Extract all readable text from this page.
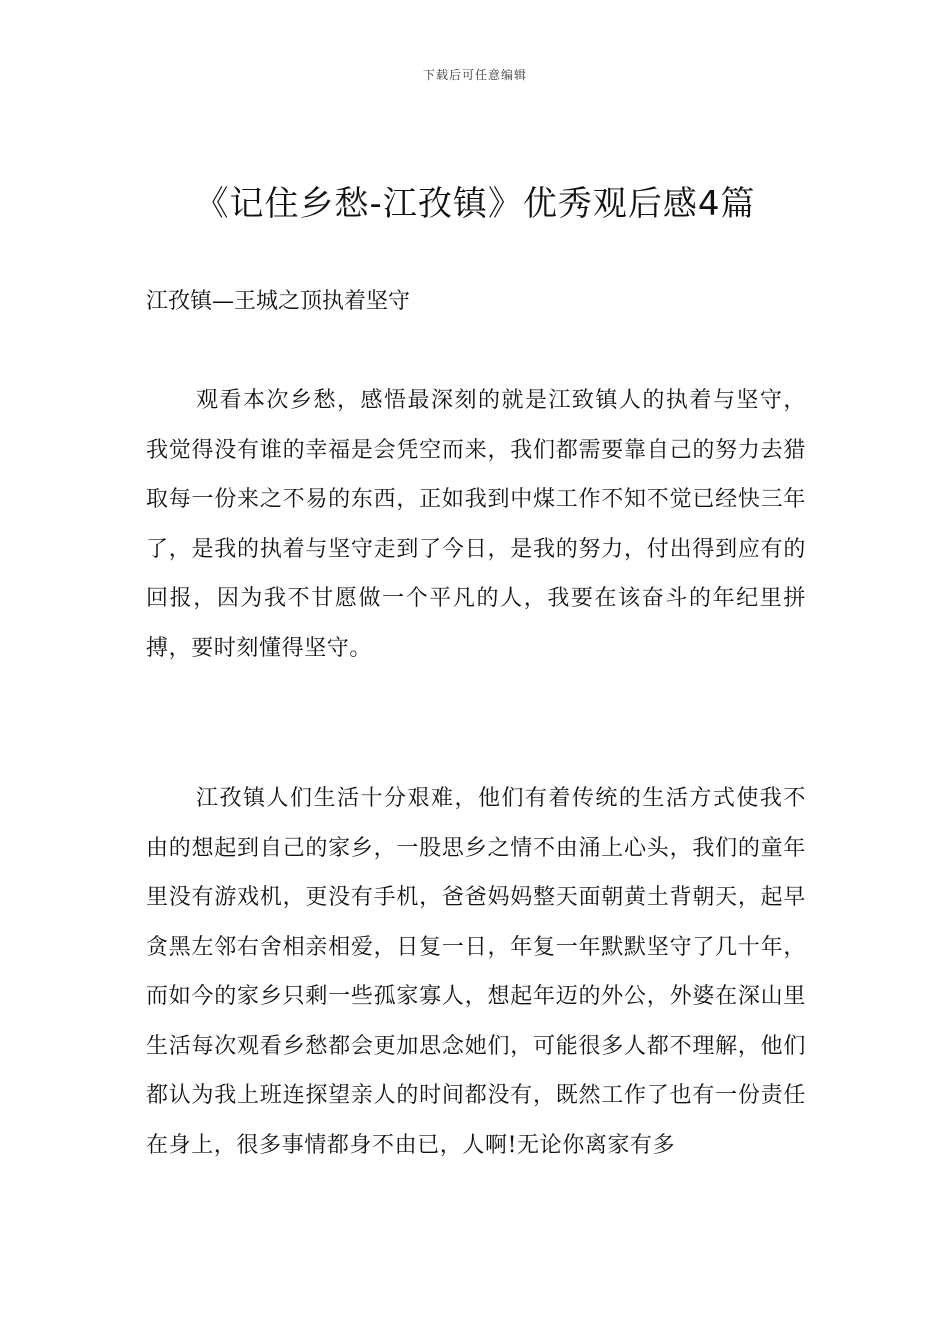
下载后可任意编辑
《记住乡愁-江孜镇》优秀观后感4篇

江孜镇—王城之顶执着坚守

观看本次乡愁，感悟最深刻的就是江致镇人的执着与坚守，我觉得没有谁的幸福是会凭空而来，我们都需要靠自己的努力去猎取每一份来之不易的东西，正如我到中煤工作不知不觉已经快三年了，是我的执着与坚守走到了今日，是我的努力，付出得到应有的回报，因为我不甘愿做一个平凡的人，我要在该奋斗的年纪里拼搏，要时刻懂得坚守。

江孜镇人们生活十分艰难，他们有着传统的生活方式使我不由的想起到自己的家乡，一股思乡之情不由涌上心头，我们的童年里没有游戏机，更没有手机，爸爸妈妈整天面朝黄土背朝天，起早贪黑左邻右舍相亲相爱，日复一日，年复一年默默坚守了几十年，而如今的家乡只剩一些孤家寡人，想起年迈的外公，外婆在深山里生活每次观看乡愁都会更加思念她们，可能很多人都不理解，他们都认为我上班连探望亲人的时间都没有，既然工作了也有一份责任在身上，很多事情都身不由已，人啊!无论你离家有多
